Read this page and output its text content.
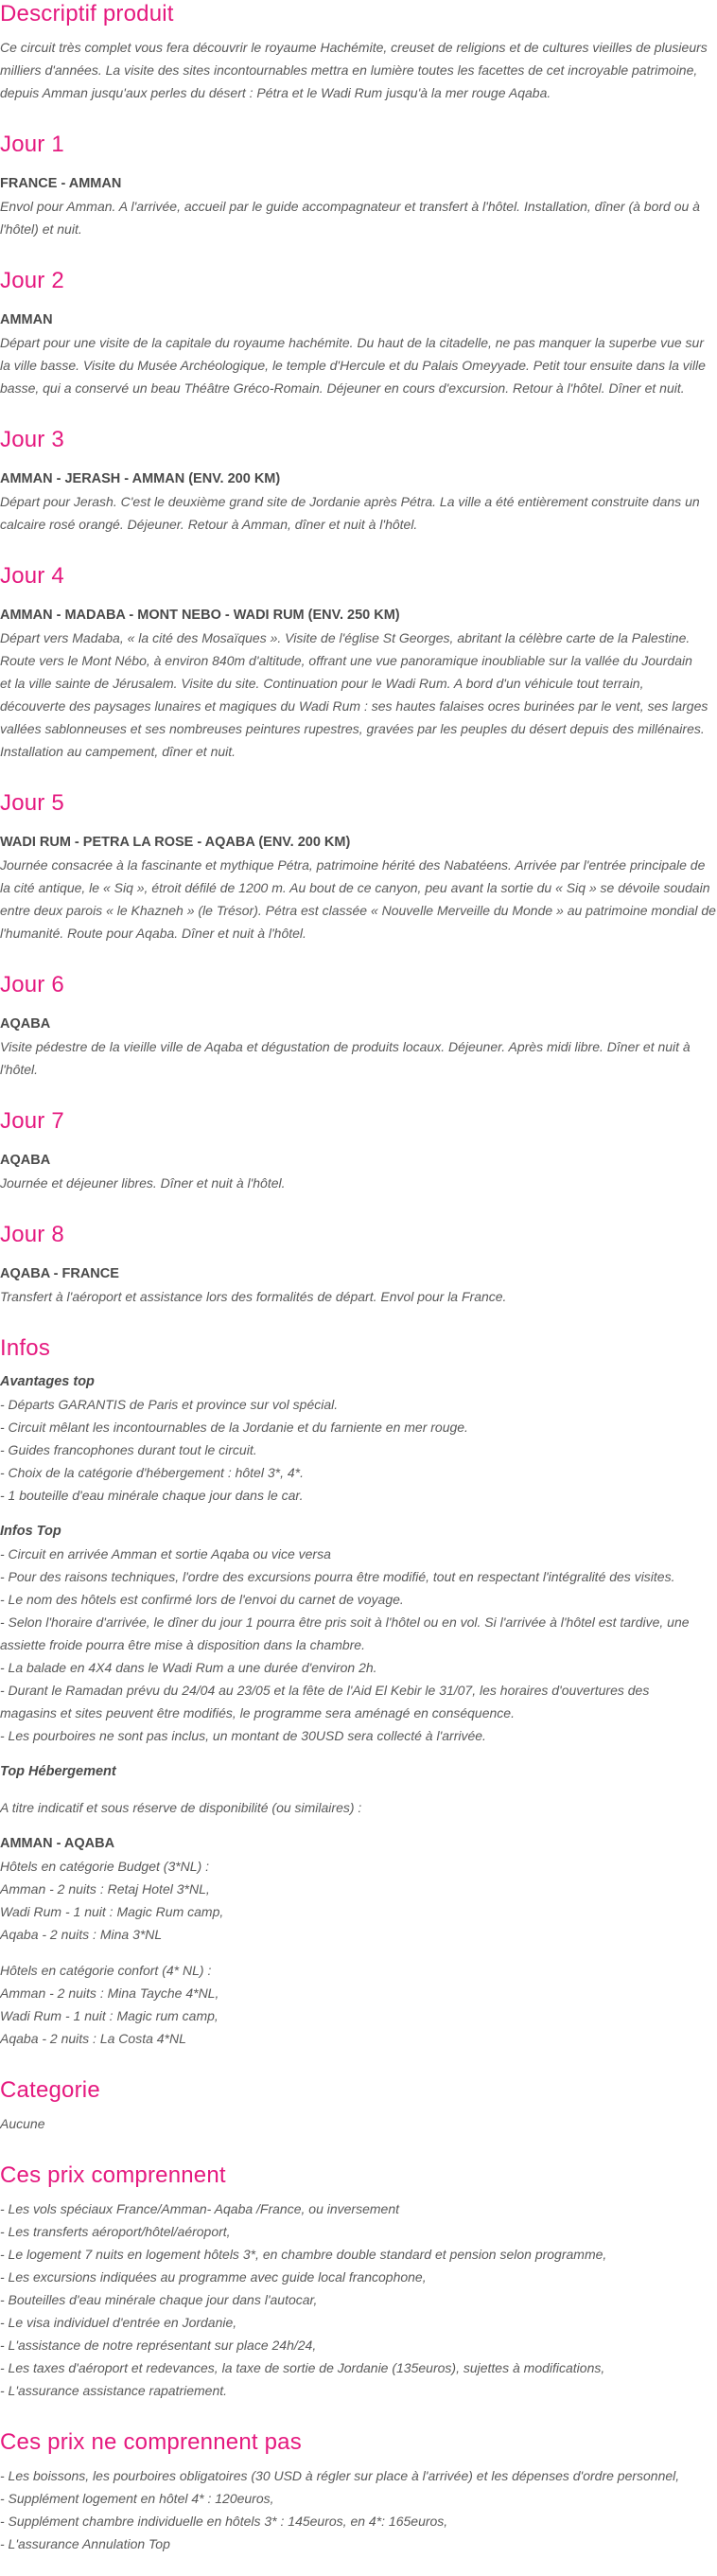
Descriptif produit

Ce circuit très complet vous fera découvrir le royaume Hachémite, creuset de religions et de cultures vieilles de plusieurs
milliers d'années. La visite des sites incontournables mettra en lumière toutes les facettes de cet incroyable patrimoine,
depuis Amman jusqu'aux perles du désert : Pétra et le Wadi Rum jusqu'à la mer rouge Aqaba.

Jour 1
FRANCE - AMMAN

Envol pour Amman. A l'arrivée, accueil par le guide accompagnateur et transfert à l'hôtel. Installation, dîner (à bord ou à
l'hôtel) et nuit.

Jour 2
AMMAN

Départ pour une visite de la capitale du royaume hachémite. Du haut de la citadelle, ne pas manquer la superbe vue sur
la ville basse. Visite du Musée Archéologique, le temple d'Hercule et du Palais Omeyyade. Petit tour ensuite dans la ville
basse, qui a conservé un beau Théâtre Gréco-Romain. Déjeuner en cours d'excursion. Retour à l'hôtel. Dîner et nuit.

Jour 3
AMMAN - JERASH - AMMAN (ENV. 200 KM)

Départ pour Jerash. C'est le deuxième grand site de Jordanie après Pétra. La ville a été entièrement construite dans un
calcaire rosé orangé. Déjeuner. Retour à Amman, dîner et nuit à l'hôtel.

Jour 4
AMMAN - MADABA - MONT NEBO - WADI RUM (ENV. 250 KM)

Départ vers Madaba, « la cité des Mosaïques ». Visite de l'église St Georges, abritant la célèbre carte de la Palestine.
Route vers le Mont Nébo, à environ 840m d'altitude, offrant une vue panoramique inoubliable sur la vallée du Jourdain
et la ville sainte de Jérusalem. Visite du site. Continuation pour le Wadi Rum. A bord d'un véhicule tout terrain,
découverte des paysages lunaires et magiques du Wadi Rum : ses hautes falaises ocres burinées par le vent, ses larges
vallées sablonneuses et ses nombreuses peintures rupestres, gravées par les peuples du désert depuis des millénaires.
Installation au campement, dîner et nuit.

Jour 5
WADI RUM - PETRA LA ROSE - AQABA (ENV. 200 KM)

Journée consacrée à la fascinante et mythique Pétra, patrimoine hérité des Nabatéens. Arrivée par l'entrée principale de
la cité antique, le « Siq », étroit défilé de 1200 m. Au bout de ce canyon, peu avant la sortie du « Siq » se dévoile soudain
entre deux parois « le Khazneh » (le Trésor). Pétra est classée « Nouvelle Merveille du Monde » au patrimoine mondial de
l'humanité. Route pour Aqaba. Dîner et nuit à l'hôtel.

Jour 6
AQABA

Visite pédestre de la vieille ville de Aqaba et dégustation de produits locaux. Déjeuner. Après midi libre. Dîner et nuit à
l'hôtel.

Jour 7
AQABA

Journée et déjeuner libres. Dîner et nuit à l'hôtel.

Jour 8
AQABA - FRANCE

Transfert à l'aéroport et assistance lors des formalités de départ. Envol pour la France.

Infos
Avantages top

- Départs GARANTIS de Paris et province sur vol spécial.
- Circuit mêlant les incontournables de la Jordanie et du farniente en mer rouge.
- Guides francophones durant tout le circuit.
- Choix de la catégorie d'hébergement : hôtel 3*, 4*.
- 1 bouteille d'eau minérale chaque jour dans le car.

Infos Top

- Circuit en arrivée Amman et sortie Aqaba ou vice versa
- Pour des raisons techniques, l'ordre des excursions pourra être modifié, tout en respectant l'intégralité des visites.
- Le nom des hôtels est confirmé lors de l'envoi du carnet de voyage.
- Selon l'horaire d'arrivée, le dîner du jour 1 pourra être pris soit à l'hôtel ou en vol. Si l'arrivée à l'hôtel est tardive, une
assiette froide pourra être mise à disposition dans la chambre.
- La balade en 4X4 dans le Wadi Rum a une durée d'environ 2h.
- Durant le Ramadan prévu du 24/04 au 23/05 et la fête de l'Aid El Kebir le 31/07, les horaires d'ouvertures des
magasins et sites peuvent être modifiés, le programme sera aménagé en conséquence.
- Les pourboires ne sont pas inclus, un montant de 30USD sera collecté à l'arrivée.

Top Hébergement

A titre indicatif et sous réserve de disponibilité (ou similaires) :

AMMAN - AQABA

Hôtels en catégorie Budget (3*NL) :
Amman - 2 nuits : Retaj Hotel 3*NL,
Wadi Rum - 1 nuit : Magic Rum camp,
Aqaba - 2 nuits : Mina 3*NL

Hôtels en catégorie confort (4* NL) :
Amman - 2 nuits : Mina Tayche 4*NL,
Wadi Rum - 1 nuit : Magic rum camp,
Aqaba - 2 nuits : La Costa 4*NL

Categorie

Aucune

Ces prix comprennent

- Les vols spéciaux France/Amman- Aqaba /France, ou inversement
- Les transferts aéroport/hôtel/aéroport,
- Le logement 7 nuits en logement hôtels 3*, en chambre double standard et pension selon programme,
- Les excursions indiquées au programme avec guide local francophone,
- Bouteilles d'eau minérale chaque jour dans l'autocar,
- Le visa individuel d'entrée en Jordanie,
- L'assistance de notre représentant sur place 24h/24,
- Les taxes d'aéroport et redevances, la taxe de sortie de Jordanie (135euros), sujettes à modifications,
- L'assurance assistance rapatriement.

Ces prix ne comprennent pas

- Les boissons, les pourboires obligatoires (30 USD à régler sur place à l'arrivée) et les dépenses d'ordre personnel,
- Supplément logement en hôtel 4* : 120euros,
- Supplément chambre individuelle en hôtels 3* : 145euros, en 4*: 165euros,
- L'assurance Annulation Top
